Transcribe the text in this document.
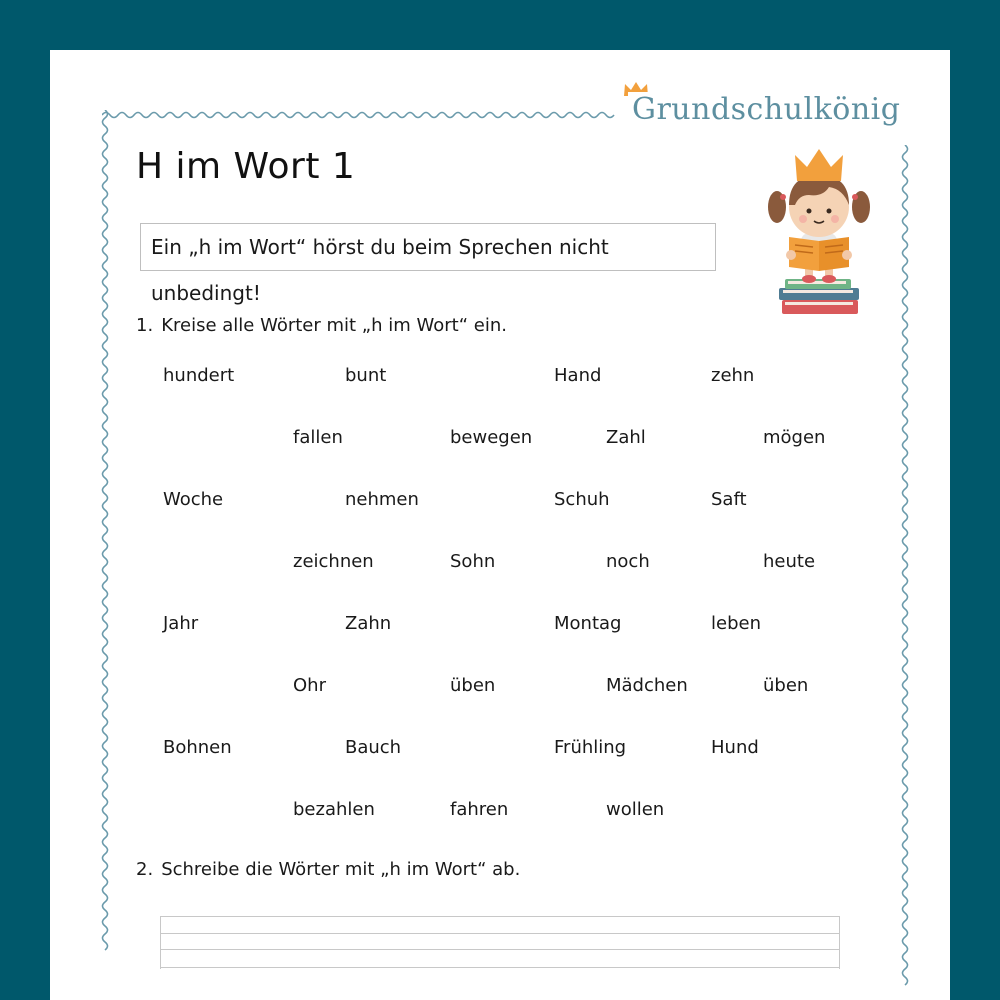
Grundschulkönig
H im Wort 1
Ein „h im Wort“ hörst du beim Sprechen nicht unbedingt!
1. Kreise alle Wörter mit „h im Wort“ ein.
hundert	bunt	Hand	zehn
fallen	bewegen	Zahl	mögen
Woche	nehmen	Schuh	Saft
zeichnen	Sohn	noch	heute
Jahr	Zahn	Montag	leben
Ohr	üben	Mädchen	üben
Bohnen	Bauch	Frühling	Hund
bezahlen	fahren	wollen
2. Schreibe die Wörter mit „h im Wort“ ab.
